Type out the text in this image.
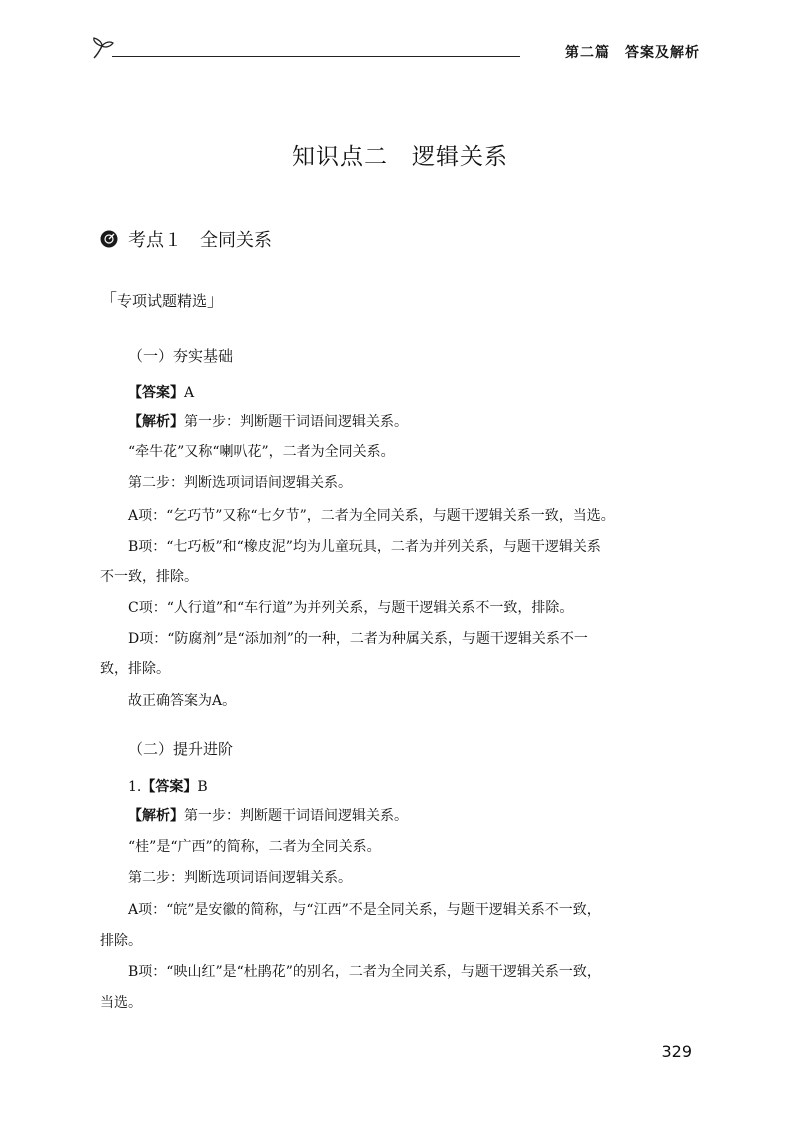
第二篇　答案及解析
知识点二　逻辑关系
考点１　全同关系
「专项试题精选」
（一）夯实基础
【答案】A
【解析】第一步：判断题干词语间逻辑关系。
“牵牛花”又称“喇叭花”，二者为全同关系。
第二步：判断选项词语间逻辑关系。
A项：“乞巧节”又称“七夕节”，二者为全同关系，与题干逻辑关系一致，当选。
B项：“七巧板”和“橡皮泥”均为儿童玩具，二者为并列关系，与题干逻辑关系
不一致，排除。
C项：“人行道”和“车行道”为并列关系，与题干逻辑关系不一致，排除。
D项：“防腐剂”是“添加剂”的一种，二者为种属关系，与题干逻辑关系不一
致，排除。
故正确答案为A。
（二）提升进阶
1.【答案】B
【解析】第一步：判断题干词语间逻辑关系。
“桂”是“广西”的简称，二者为全同关系。
第二步：判断选项词语间逻辑关系。
A项：“皖”是安徽的简称，与“江西”不是全同关系，与题干逻辑关系不一致，
排除。
B项：“映山红”是“杜鹃花”的别名，二者为全同关系，与题干逻辑关系一致，
当选。
329
